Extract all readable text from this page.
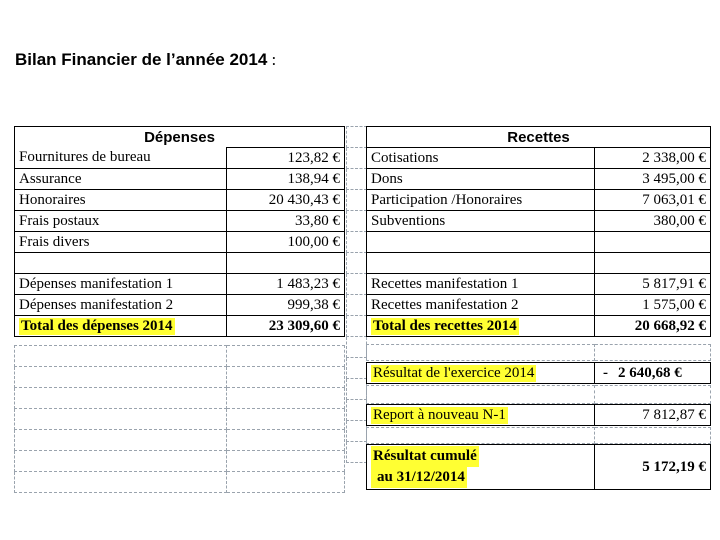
Bilan Financier de l’année 2014 :
Dépenses	
Fournitures de bureau	123,82 €
Assurance	138,94 €
Honoraires	20 430,43 €
Frais postaux	33,80 €
Frais divers	100,00 €

Dépenses manifestation 1	1 483,23 €
Dépenses manifestation 2	999,38 €
Total des dépenses 2014	23 309,60 €

Recettes	
Cotisations	2 338,00 €
Dons	3 495,00 €
Participation /Honoraires	7 063,01 €
Subventions	380,00 €

Recettes manifestation 1	5 817,91 €
Recettes manifestation 2	1 575,00 €
Total des recettes 2014	20 668,92 €

Résultat de l'exercice 2014	- 2 640,68 €

Report à nouveau N-1	7 812,87 €

Résultat cumulé
au 31/12/2014	5 172,19 €
